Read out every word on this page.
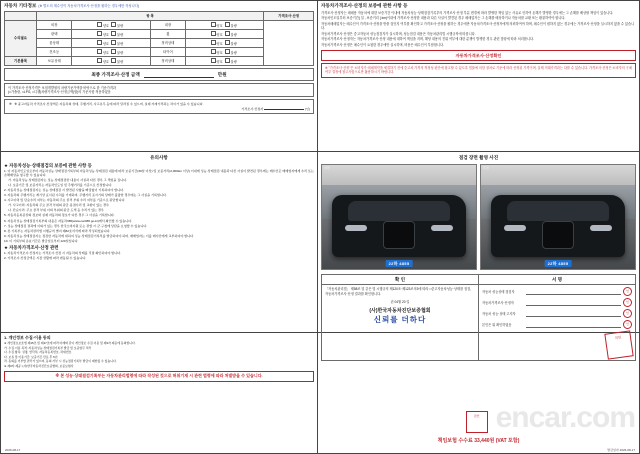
자동차 기타정보 (※ 별도의 계수인이 자동차가격조사·산정을 원하는 경우에만 작성나다)
	항 목				가격조사·산정
수리필요	외장	양호 불량	내장	양호 불량	
	광택	양호 불량	휠	양호 불량	
	룸상태	양호 불량	정비상태	양호 불량	
	전조등	양호 불량	타이어	양호 불량	
기본품목	보유상태	양호 불량	정비상태	양호 불량	
최종 가격조사·산정 금액	만원
이 가격조사·산정가격은 보험개발원의 차량기준가액을 바탕으로 한 기준가격과
(□가솔린, □LPG, □디젤)차량가격조사·산정금액(합)의 기준사항 적용하였음
※ ※ 중고자동차 가격조사·산정액은 자동차의 상태, 주행거리, 사고유무 등에 따라 달라질 수 있으며, 실제 거래가격과는 차이가 있을 수 있습니다.
가격조사·산정자	(인)
자동차가격조사·산정의 보증에 관한 사항 등

가격조사·산정자는 매매용 자동차에 대한 보증기간 이내에 자동차성능·상태점검기록부의 가격조사·산정 부분 변경에 따라 발생한 책임 있는 사유로 인하여 손해가 발생한 경우에는 그 손해를 배상할 책임이 있습니다.

자동차인도일부터 보증기간( 일 , 보증거리 ( km)이내에 가격조사·산정한 내용과 다른 사실이 발견된 경우 매매업자는 그 손해를 배상하거나 자동차를 교환 또는 환불하여야 합니다.

자동차매매업자는 매수인이 가격조사·산정을 받을 것인지 여부를 확인하고 가격조사·산정을 원하는 경우에만 자동차가격조사·산정자에게 의뢰하여야 하며, 매수인이 원하지 않는 경우에는 가격조사·산정을 실시하지 않을 수 있습니다.

자동차가격조사·산정은 중고자동차 성능점검자가 실시하며, 성능점검 내용은 자동차관리법 시행규칙에 따릅니다.

자동차가격조사·산정자는 자동차가격조사·산정 내용에 대하여 책임을 지며, 해당 내용의 진위 여부에 대한 분쟁이 발생한 경우 관련 법령에 따라 처리합니다.

자동차가격조사·산정은 매수인이 요청한 경우에만 실시하며, 비용은 매수인이 부담합니다.

자동차가격조사·산정확인
※ "가격조사·산정"은 소비자가 매매계약을 체결하기 전에 중고차 가격의 적정성 판단에 참고할 수 있도록 법률에 의한 절차로 기준에 따라 산정된 가격이며, 실제 거래가격과는 다를 수 있습니다. 가격조사·산정은 소비자의 구매여부 결정에 참고사항으로만 활용하시기 바랍니다.
유의사항
★ 자동차성능·상태점검의 보증에 관한 사항 등

1. 이 자동차인도일로부터 자동차성능·상태점검기록부의 자동차성능·상태점검 내용에 따라 보증기간(30일 이상) 및 보증거리(2,000km 이상) 이내에 성능·상태점검 내용과 다른 사실이 발견된 경우에는 매수인은 매매업자에게 수리 또는 손해배상을 청구할 수 있습니다.

가. 자동차성능·상태점검자는 성능·상태점검한 내용이 사실과 다른 경우 그 책임을 집니다.

나. 보증기간 및 보증거리는 자동차인도일 및 주행거리를 기준으로 산정합니다.

2. 자동차성능·상태점검자는 성능·상태점검 시 발견된 사항을 빠짐없이 기록하여야 합니다.

3. 자동차의 주행거리는 계기상 표시된 수치를 기재하며, 주행거리 표시기의 상태가 불량한 경우에는 그 사실을 기록합니다.

4. 사고이력 및 단순수리 여부는 자동차의 주요 골격 부위 수리 여부를 기준으로 판단합니다.

가. 사고이력: 자동차의 주요 골격 부위의 판금·용접수리 및 교환이 있는 경우

나. 단순수리: 주요 골격 부위 이외 부위의 판금·도색 등 수리가 있는 경우

5. 자동차등록증상의 정보와 실제 자동차의 정보가 다른 경우 그 사실을 기록합니다.

6. 자동차성능·상태점검기록부의 내용은 자동차365(www.car365.go.kr)에서 확인할 수 있습니다.

7. 성능·상태점검 결과에 이의가 있는 경우 한국소비자원 또는 관할 시·군·구청에 상담을 요청할 수 있습니다.

8. 본 기록부는 자동차관리법 시행규칙 별지 제82호서식에 따라 작성되었습니다.

9. 자동차성능·상태점검자는 점검한 자동차에 대하여 성능·상태점검기록부를 발급하여야 하며, 매매업자는 이를 매수인에게 교부하여야 합니다.

10. 이 기록부의 유효기간은 발급일로부터 120일입니다.

★ 자동차가격조사·산정 관련

1. 자동차가격조사·산정자는 가격조사·산정 시 자동차의 상태를 직접 확인하여야 합니다.

2. 가격조사·산정금액은 시장 상황에 따라 변동될 수 있습니다.

점검 장면 촬영 사진
22하 4855
전면
22하 4855
후면
확 인	서 명
「자동차관리법」 제58조 및 같은 법 시행규칙 제120조·제123조의3에 따라 □중고자동차성능·상태를 점검, 자동차가격조사·산정 결과를 확인합니다.
년 04월 20 일
(사)한국자동차진단보증협회
신뢰를 더하다
자동차 성능상태 점검자	인
자동차가격조사·산정자	인
자동차 성능·상태 고지자	인
본인은 위 확인하였음	인
직인
1. 개인정보 수집·이용 동의

※ 개인정보보호법 제15조 및 제17조에 따라 아래와 같이 개인정보 수집·이용 및 제3자 제공에 동의합니다.

가. 수집·이용 목적: 자동차성능·상태점검기록부 발급 및 보증업무 처리

나. 수집 항목: 성명, 연락처, 자동차등록번호, 차대번호

다. 보유 및 이용기간: 보증기간 만료 후 5년

라. 동의를 거부할 권리가 있으며, 동의 거부 시 성능점검기록부 발급이 제한될 수 있습니다.

※ 제3자 제공: (사)한국자동차진단보증협회, 보증보험사

※ 본 성능·상태점검기록부는 자동차관리법령에 따라 작성된 것으로 허위기재 시 관련 법령에 따라 처벌받을 수 있습니다.
2026-08-17
검인 encar.com
책임보험 수수료 33,440원 (VAT 포함)
발급일자 2026-08-17
